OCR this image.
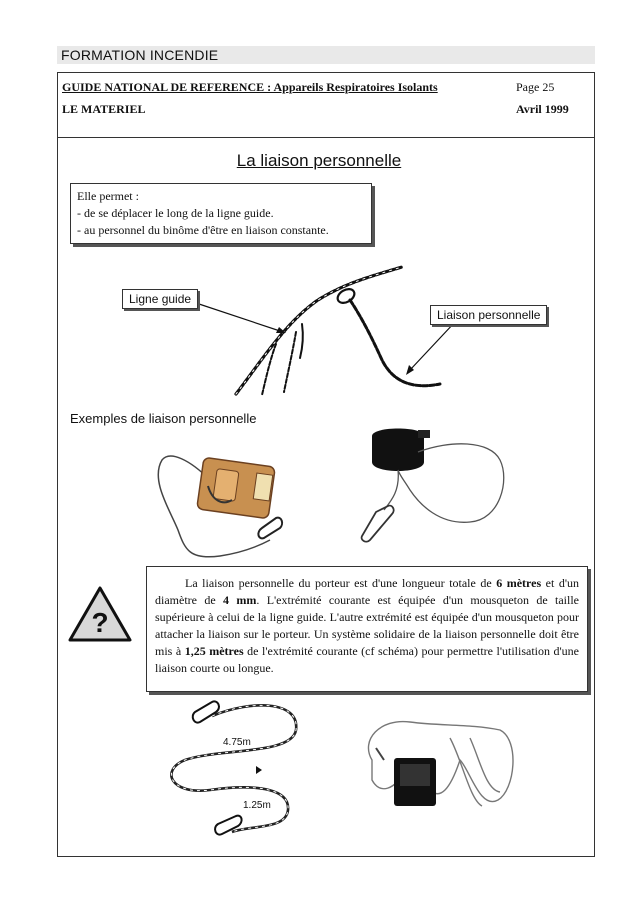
FORMATION INCENDIE
GUIDE NATIONAL DE REFERENCE : Appareils Respiratoires Isolants	Page 25
LE MATERIEL	Avril 1999
La liaison personnelle
Elle permet :
- de se déplacer le long de la ligne guide.
- au personnel du binôme d'être en liaison constante.
Ligne guide
Liaison personnelle
Exemples de liaison personnelle
?
La liaison personnelle du porteur est d'une longueur totale de 6 mètres et d'un diamètre de 4 mm. L'extrémité courante est équipée d'un mousqueton de taille supérieure à celui de la ligne guide. L'autre extrémité est équipée d'un mousqueton pour attacher la liaison sur le porteur. Un système solidaire de la liaison personnelle doit être mis à 1,25 mètres de l'extrémité courante (cf schéma) pour permettre l'utilisation d'une liaison courte ou longue.
4.75m
1.25m
